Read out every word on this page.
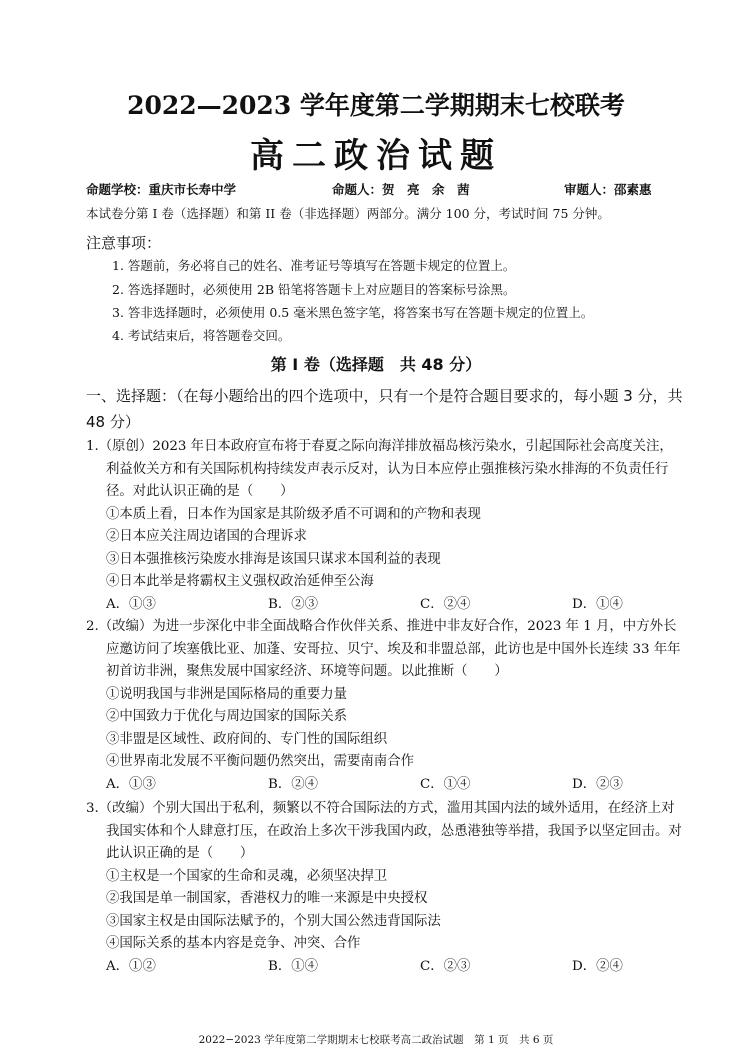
2022—2023 学年度第二学期期末七校联考
高二政治试题
命题学校：重庆市长寿中学	命题人：贺　亮　余　茜	审题人：邵素惠
本试卷分第 I 卷（选择题）和第 II 卷（非选择题）两部分。满分 100 分，考试时间 75 分钟。
注意事项：
1. 答题前，务必将自己的姓名、准考证号等填写在答题卡规定的位置上。
2. 答选择题时，必须使用 2B 铅笔将答题卡上对应题目的答案标号涂黑。
3. 答非选择题时，必须使用 0.5 毫米黑色签字笔，将答案书写在答题卡规定的位置上。
4. 考试结束后，将答题卷交回。
第 I 卷（选择题　共 48 分）
一、选择题：（在每小题给出的四个选项中，只有一个是符合题目要求的，每小题 3 分，共 48 分）
1.（原创）2023 年日本政府宣布将于春夏之际向海洋排放福岛核污染水，引起国际社会高度关注，利益攸关方和有关国际机构持续发声表示反对，认为日本应停止强推核污染水排海的不负责任行径。对此认识正确的是（　　）
①本质上看，日本作为国家是其阶级矛盾不可调和的产物和表现
②日本应关注周边诸国的合理诉求
③日本强推核污染废水排海是该国只谋求本国利益的表现
④日本此举是将霸权主义强权政治延伸至公海
A．①③	B．②③	C．②④	D．①④
2.（改编）为进一步深化中非全面战略合作伙伴关系、推进中非友好合作，2023 年 1 月，中方外长应邀访问了埃塞俄比亚、加蓬、安哥拉、贝宁、埃及和非盟总部，此访也是中国外长连续 33 年年初首访非洲，聚焦发展中国家经济、环境等问题。以此推断（　　）
①说明我国与非洲是国际格局的重要力量
②中国致力于优化与周边国家的国际关系
③非盟是区域性、政府间的、专门性的国际组织
④世界南北发展不平衡问题仍然突出，需要南南合作
A．①③	B．②④	C．①④	D．②③
3.（改编）个别大国出于私利，频繁以不符合国际法的方式，滥用其国内法的域外适用，在经济上对我国实体和个人肆意打压，在政治上多次干涉我国内政，怂恿港独等举措，我国予以坚定回击。对此认识正确的是（　　）
①主权是一个国家的生命和灵魂，必须坚决捍卫
②我国是单一制国家，香港权力的唯一来源是中央授权
③国家主权是由国际法赋予的，个别大国公然违背国际法
④国际关系的基本内容是竞争、冲突、合作
A．①②	B．①④	C．②③	D．②④
2022−2023 学年度第二学期期末七校联考高二政治试题　第 1 页　共 6 页
